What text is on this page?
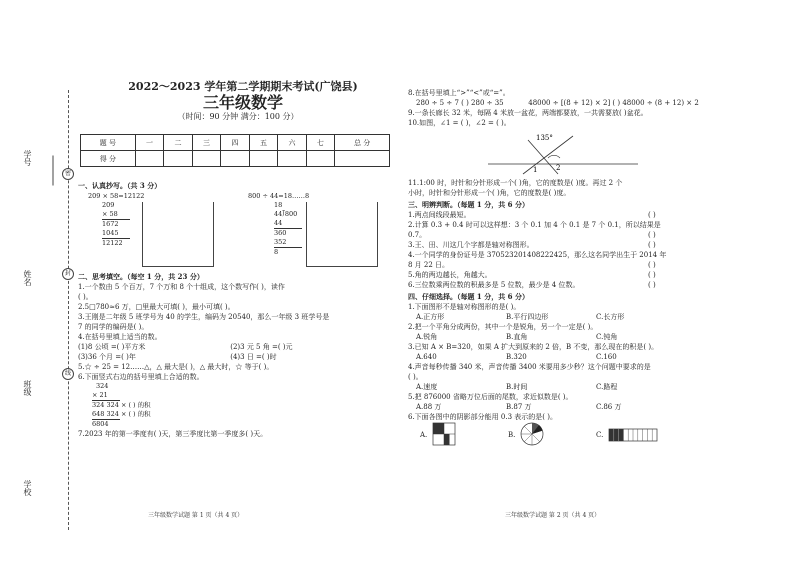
学号
姓名
班级
学校
密
封
线
2022～2023 学年第二学期期末考试(广饶县)
三年级数学
（时间：90 分钟 满分：100 分）
题 号	一	二	三	四	五	六	七	总 分
得 分								
一、认真抄写。（共 3 分）
209 × 58=12122
209
× 58
1672
1045
12122
800 ÷ 44=18……8
18
44⟌800
44
360
352
8
二、思考填空。（每空 1 分，共 23 分）
1.一个数由 5 个百万，7 个万和 8 个十组成，这个数写作( )，读作
( )。
2.5□780≈6 万，□里最大可填( )，最小可填( )。
3.王刚是二年级 5 班学号为 40 的学生，编码为 20540，那么一年级 3 班学号是
7 的同学的编码是( )。
4.在括号里填上适当的数。
(1)8 公顷 =( )平方米	(2)3 元 5 角 =( )元
(3)36 个月 =( )年	(4)3 日 =( )时
5.☆ ÷ 25 = 12……△，△ 最大是( )，△ 最大时，☆ 等于( )。
6.下面竖式右边的括号里填上合适的数。
324
× 21
324 324 × ( ) 的积
648 324 × ( ) 的积
6804
7.2023 年的第一季度有( )天，第三季度比第一季度多( )天。
8.在括号里填上“>”“<”或“=”。
280 ÷ 5 ÷ 7 ( ) 280 ÷ 35	48000 ÷ [(8 + 12) × 2] ( ) 48000 ÷ (8 + 12) × 2
9.一条长廊长 32 米，每隔 4 米放一盆花，两端都要放，一共需要放( )盆花。
10.如图，∠1 = ( )，∠2 = ( )。
135°
1	2
11.1:00 时，时针和分针形成一个( )角，它的度数是( )度。再过 2 个
小时，时针和分针形成一个( )角，它的度数是( )度。
三、明辨判断。（每题 1 分，共 6 分）
1.两点间线段最短。	( )
2.计算 0.3 + 0.4 时可以这样想：3 个 0.1 加 4 个 0.1 是 7 个 0.1，所以结果是
0.7。	( )
3.王、田、川这几个字都是轴对称图形。	( )
4.一个同学的身份证号是 370523201408222425，那么这名同学出生于 2014 年
8 月 22 日。	( )
5.角的两边越长，角越大。	( )
6.三位数乘两位数的积最多是 5 位数，最少是 4 位数。	( )
四、仔细选择。（每题 1 分，共 6 分）
1.下面图形不是轴对称图形的是( )。
A.正方形	B.平行四边形	C.长方形
2.把一个平角分成两份，其中一个是锐角，另一个一定是( )。
A.锐角	B.直角	C.钝角
3.已知 A × B=320，如果 A 扩大到原来的 2 倍，B 不变，那么现在的积是( )。
A.640	B.320	C.160
4.声音每秒传播 340 米，声音传播 3400 米要用多少秒？这个问题中要求的是
( )。
A.速度	B.时间	C.路程
5.把 876000 省略万位后面的尾数，求近似数是( )。
A.88 万	B.87 万	C.86 万
6.下面各图中的阴影部分能用 0.3 表示的是( )。
A.	B.	C.
三年级数学试题 第 1 页（共 4 页）	三年级数学试题 第 2 页（共 4 页）
